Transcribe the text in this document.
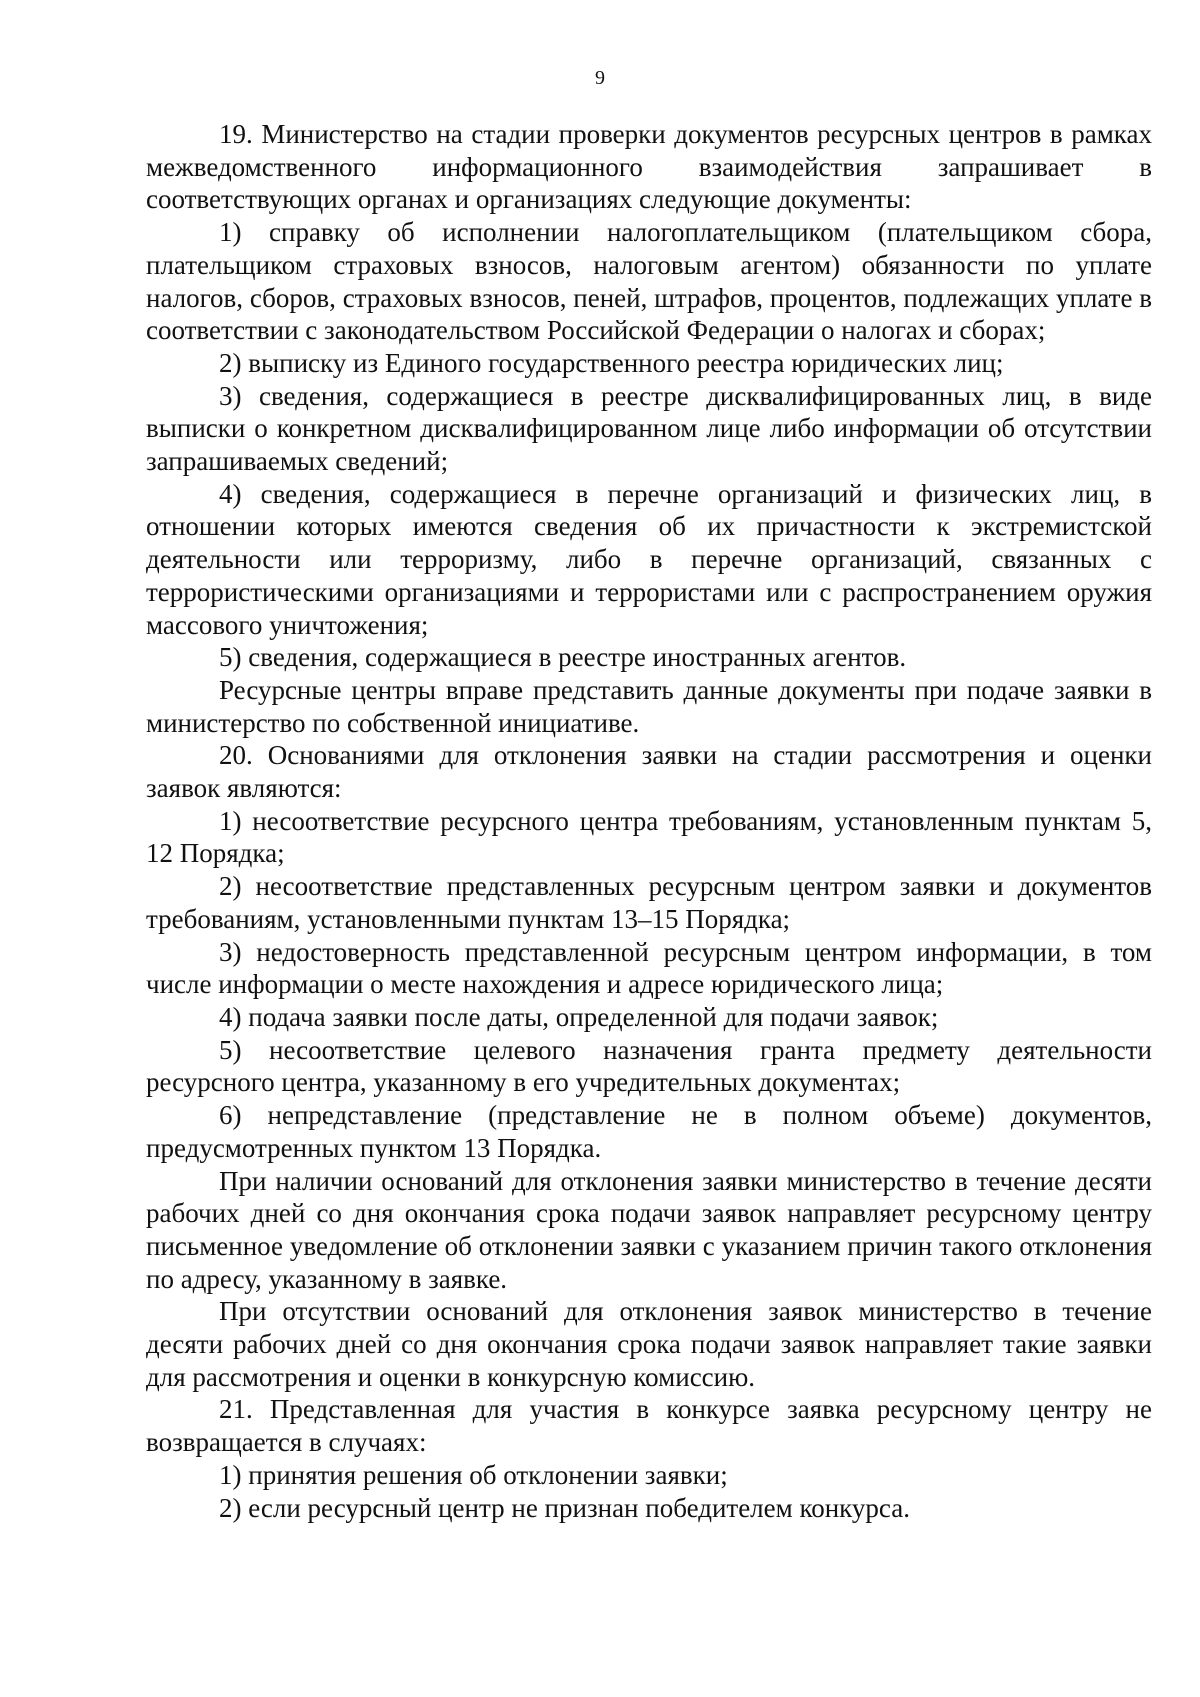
9

19. Министерство на стадии проверки документов ресурсных центров в рамках межведомственного информационного взаимодействия запрашивает в соответствующих органах и организациях следующие документы:

1) справку об исполнении налогоплательщиком (плательщиком сбора, плательщиком страховых взносов, налоговым агентом) обязанности по уплате налогов, сборов, страховых взносов, пеней, штрафов, процентов, подлежащих уплате в соответствии с законодательством Российской Федерации о налогах и сборах;

2) выписку из Единого государственного реестра юридических лиц;

3) сведения, содержащиеся в реестре дисквалифицированных лиц, в виде выписки о конкретном дисквалифицированном лице либо информации об отсутствии запрашиваемых сведений;

4) сведения, содержащиеся в перечне организаций и физических лиц, в отношении которых имеются сведения об их причастности к экстремистской деятельности или терроризму, либо в перечне организаций, связанных с террористическими организациями и террористами или с распространением оружия массового уничтожения;

5) сведения, содержащиеся в реестре иностранных агентов.

Ресурсные центры вправе представить данные документы при подаче заявки в министерство по собственной инициативе.

20. Основаниями для отклонения заявки на стадии рассмотрения и оценки заявок являются:

1) несоответствие ресурсного центра требованиям, установленным пунктам 5, 12 Порядка;

2) несоответствие представленных ресурсным центром заявки и документов требованиям, установленными пунктам 13–15 Порядка;

3) недостоверность представленной ресурсным центром информации, в том числе информации о месте нахождения и адресе юридического лица;

4) подача заявки после даты, определенной для подачи заявок;

5) несоответствие целевого назначения гранта предмету деятельности ресурсного центра, указанному в его учредительных документах;

6) непредставление (представление не в полном объеме) документов, предусмотренных пунктом 13 Порядка.

При наличии оснований для отклонения заявки министерство в течение десяти рабочих дней со дня окончания срока подачи заявок направляет ресурсному центру письменное уведомление об отклонении заявки с указанием причин такого отклонения по адресу, указанному в заявке.

При отсутствии оснований для отклонения заявок министерство в течение десяти рабочих дней со дня окончания срока подачи заявок направляет такие заявки для рассмотрения и оценки в конкурсную комиссию.

21. Представленная для участия в конкурсе заявка ресурсному центру не возвращается в случаях:

1) принятия решения об отклонении заявки;

2) если ресурсный центр не признан победителем конкурса.
